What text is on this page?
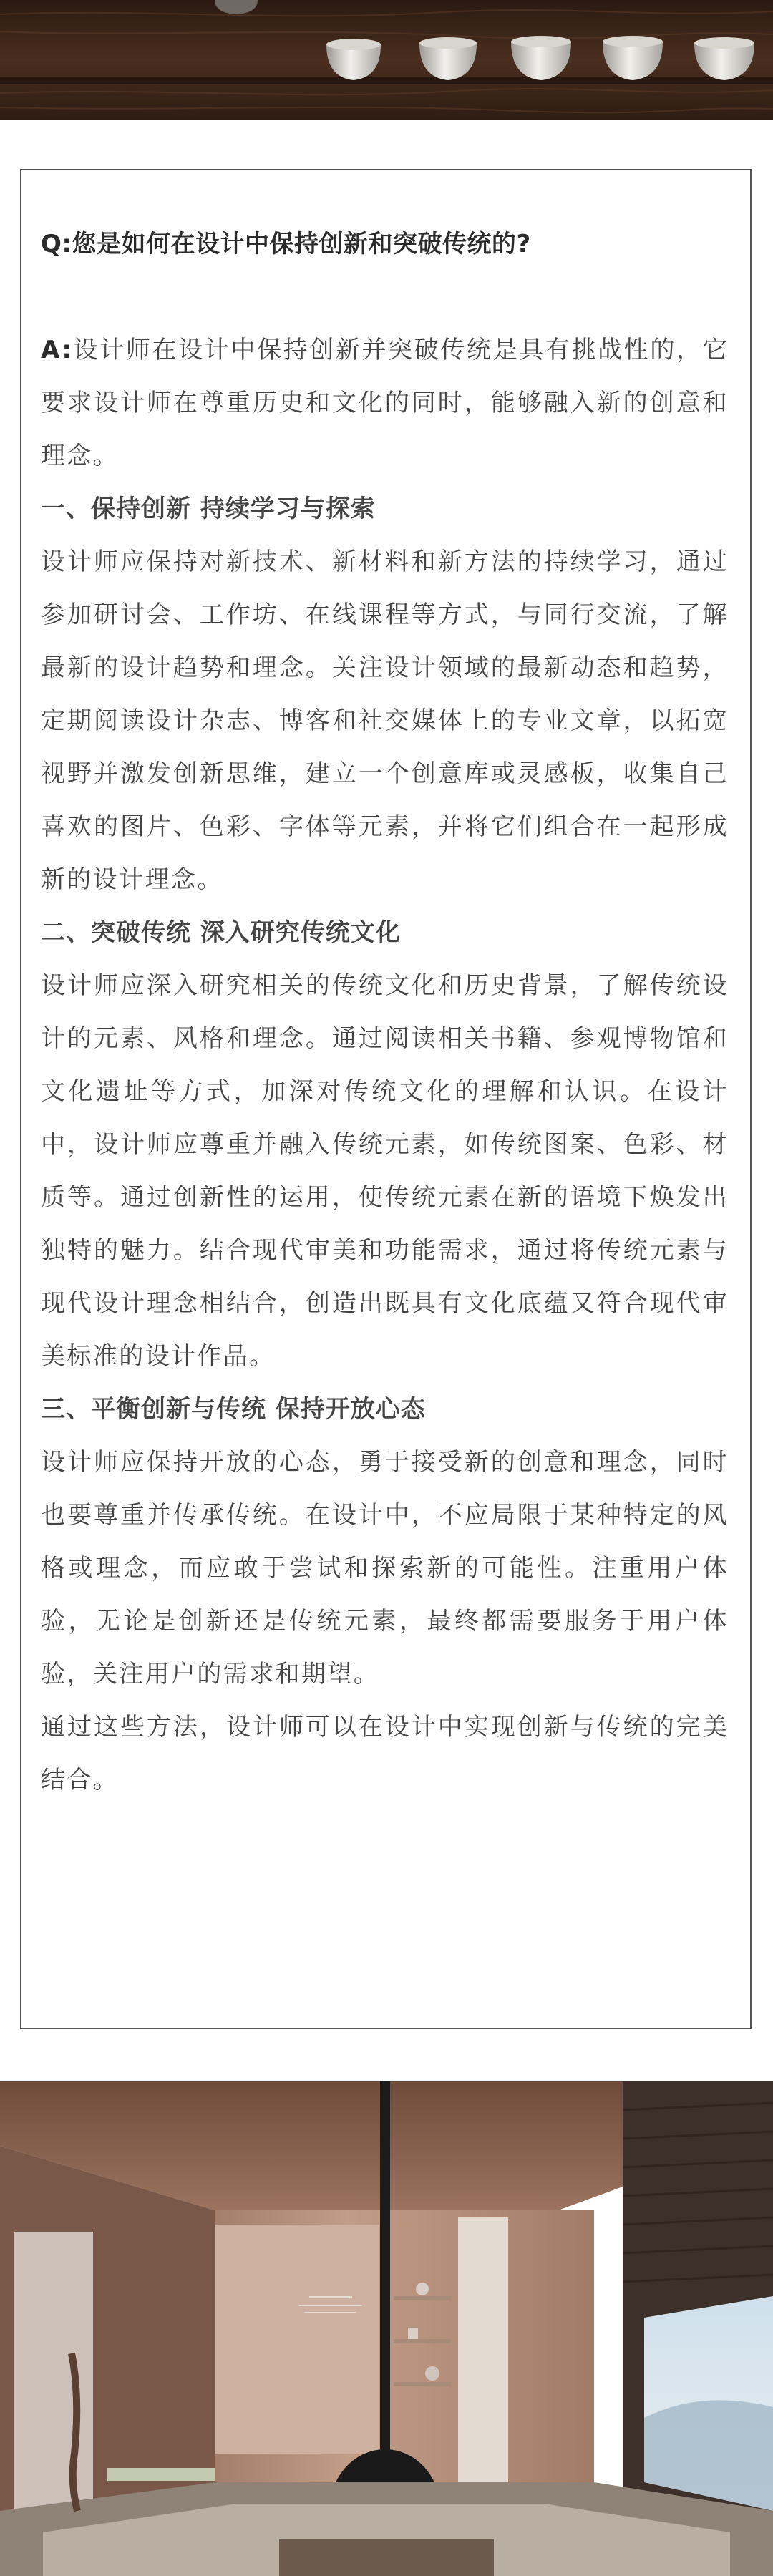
Q:您是如何在设计中保持创新和突破传统的?

A:设计师在设计中保持创新并突破传统是具有挑战性的，它要求设计师在尊重历史和文化的同时，能够融入新的创意和理念。

一、保持创新 持续学习与探索

设计师应保持对新技术、新材料和新方法的持续学习，通过参加研讨会、工作坊、在线课程等方式，与同行交流，了解最新的设计趋势和理念。关注设计领域的最新动态和趋势，定期阅读设计杂志、博客和社交媒体上的专业文章，以拓宽视野并激发创新思维，建立一个创意库或灵感板，收集自己喜欢的图片、色彩、字体等元素，并将它们组合在一起形成新的设计理念。

二、突破传统 深入研究传统文化

设计师应深入研究相关的传统文化和历史背景，了解传统设计的元素、风格和理念。通过阅读相关书籍、参观博物馆和文化遗址等方式，加深对传统文化的理解和认识。在设计中，设计师应尊重并融入传统元素，如传统图案、色彩、材质等。通过创新性的运用，使传统元素在新的语境下焕发出独特的魅力。结合现代审美和功能需求，通过将传统元素与现代设计理念相结合，创造出既具有文化底蕴又符合现代审美标准的设计作品。

三、平衡创新与传统 保持开放心态

设计师应保持开放的心态，勇于接受新的创意和理念，同时也要尊重并传承传统。在设计中，不应局限于某种特定的风格或理念，而应敢于尝试和探索新的可能性。注重用户体验，无论是创新还是传统元素，最终都需要服务于用户体验，关注用户的需求和期望。

通过这些方法，设计师可以在设计中实现创新与传统的完美结合。
